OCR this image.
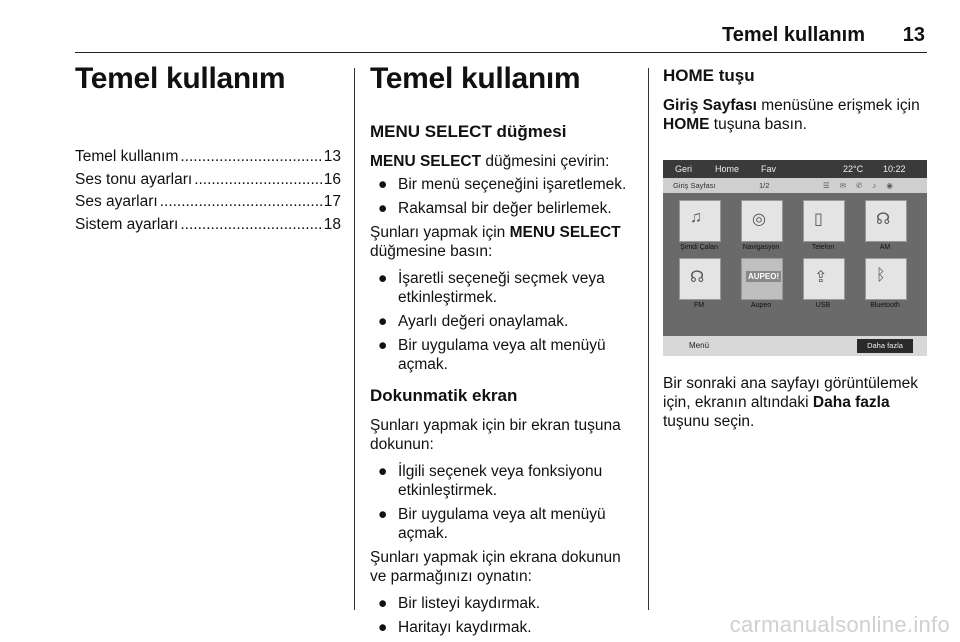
Temel kullanım 13
Temel kullanım
Temel kullanım .....	13
Ses tonu ayarları .....	16
Ses ayarları .....	17
Sistem ayarları .....	18
Temel kullanım
MENU SELECT düğmesi

MENU SELECT düğmesini çevirin:

● Bir menü seçeneğini işaretlemek.
● Rakamsal bir değer belirlemek.

Şunları yapmak için MENU SELECT düğmesine basın:

● İşaretli seçeneği seçmek veya etkinleştirmek.
● Ayarlı değeri onaylamak.
● Bir uygulama veya alt menüyü açmak.
Dokunmatik ekran

Şunları yapmak için bir ekran tuşuna dokunun:

● İlgili seçenek veya fonksiyonu etkinleştirmek.
● Bir uygulama veya alt menüyü açmak.

Şunları yapmak için ekrana dokunun ve parmağınızı oynatın:

● Bir listeyi kaydırmak.
● Haritayı kaydırmak.
HOME tuşu

Giriş Sayfası menüsüne erişmek için
HOME tuşuna basın.

Bir sonraki ana sayfayı görüntülemek için, ekranın altındaki Daha fazla
tuşunu seçin.

Geri	Home Fav	22°C 10:22
Giriş Sayfası	1/2	☰ ✉ ✆ ♪ ◉
♫
Şimdi Çalan
◎
Navigasyon
▯
Telefon
☊
AM
☊
FM
AUPEO!
Aupeo
⇪
USB
ᛒ
Bluetooth
Menü	Daha fazla
carmanualsonline.info
